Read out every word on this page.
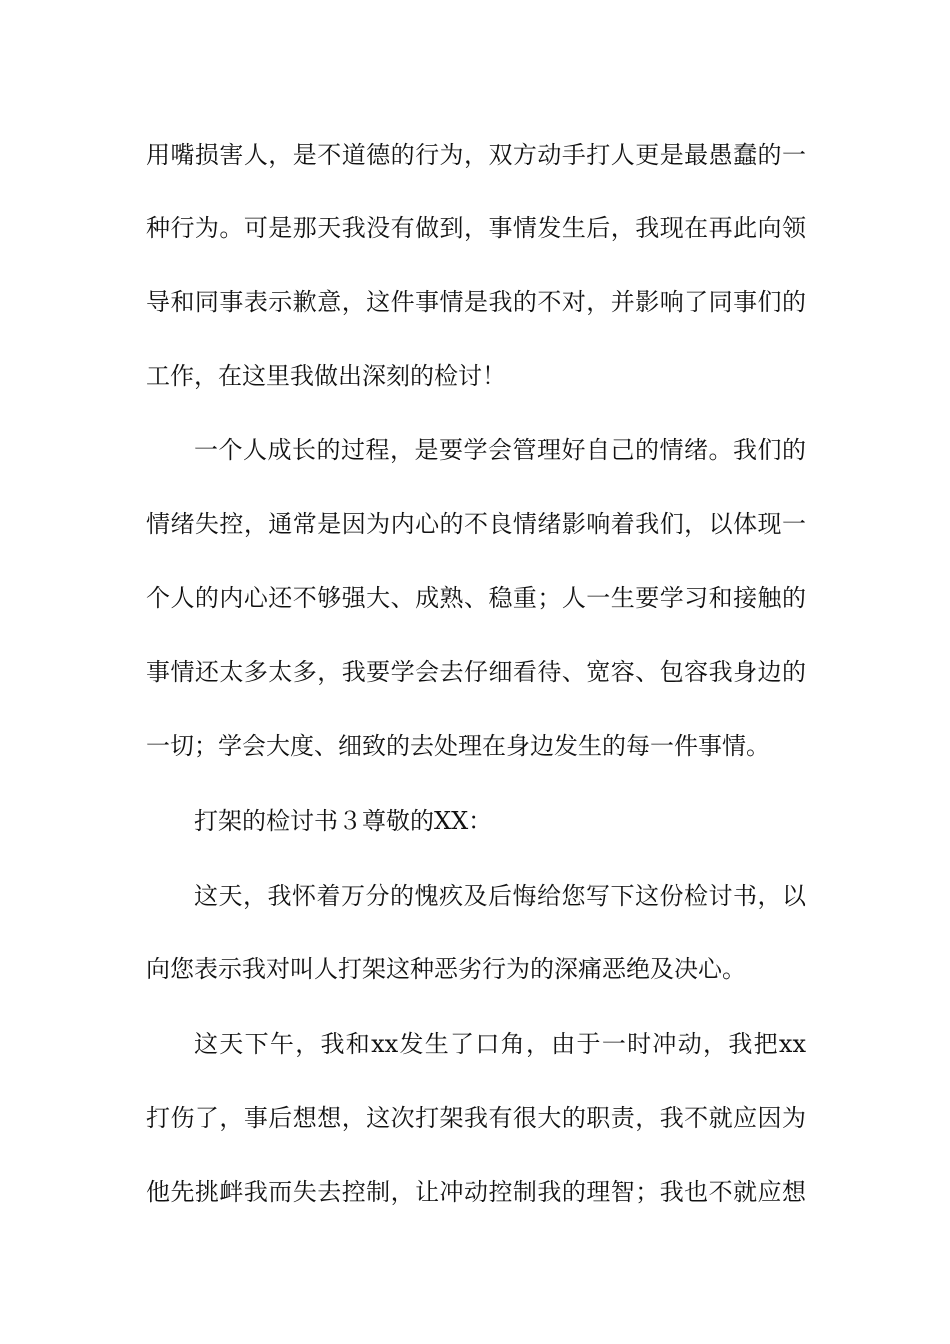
用嘴损害人，是不道德的行为，双方动手打人更是最愚蠢的一
种行为。可是那天我没有做到，事情发生后，我现在再此向领
导和同事表示歉意，这件事情是我的不对，并影响了同事们的
工作，在这里我做出深刻的检讨！
一个人成长的过程，是要学会管理好自己的情绪。我们的
情绪失控，通常是因为内心的不良情绪影响着我们，以体现一
个人的内心还不够强大、成熟、稳重；人一生要学习和接触的
事情还太多太多，我要学会去仔细看待、宽容、包容我身边的
一切；学会大度、细致的去处理在身边发生的每一件事情。
打架的检讨书３尊敬的XX：
这天，我怀着万分的愧疚及后悔给您写下这份检讨书，以
向您表示我对叫人打架这种恶劣行为的深痛恶绝及决心。
这天下午，我和xx发生了口角，由于一时冲动，我把xx
打伤了，事后想想，这次打架我有很大的职责，我不就应因为
他先挑衅我而失去控制，让冲动控制我的理智；我也不就应想
